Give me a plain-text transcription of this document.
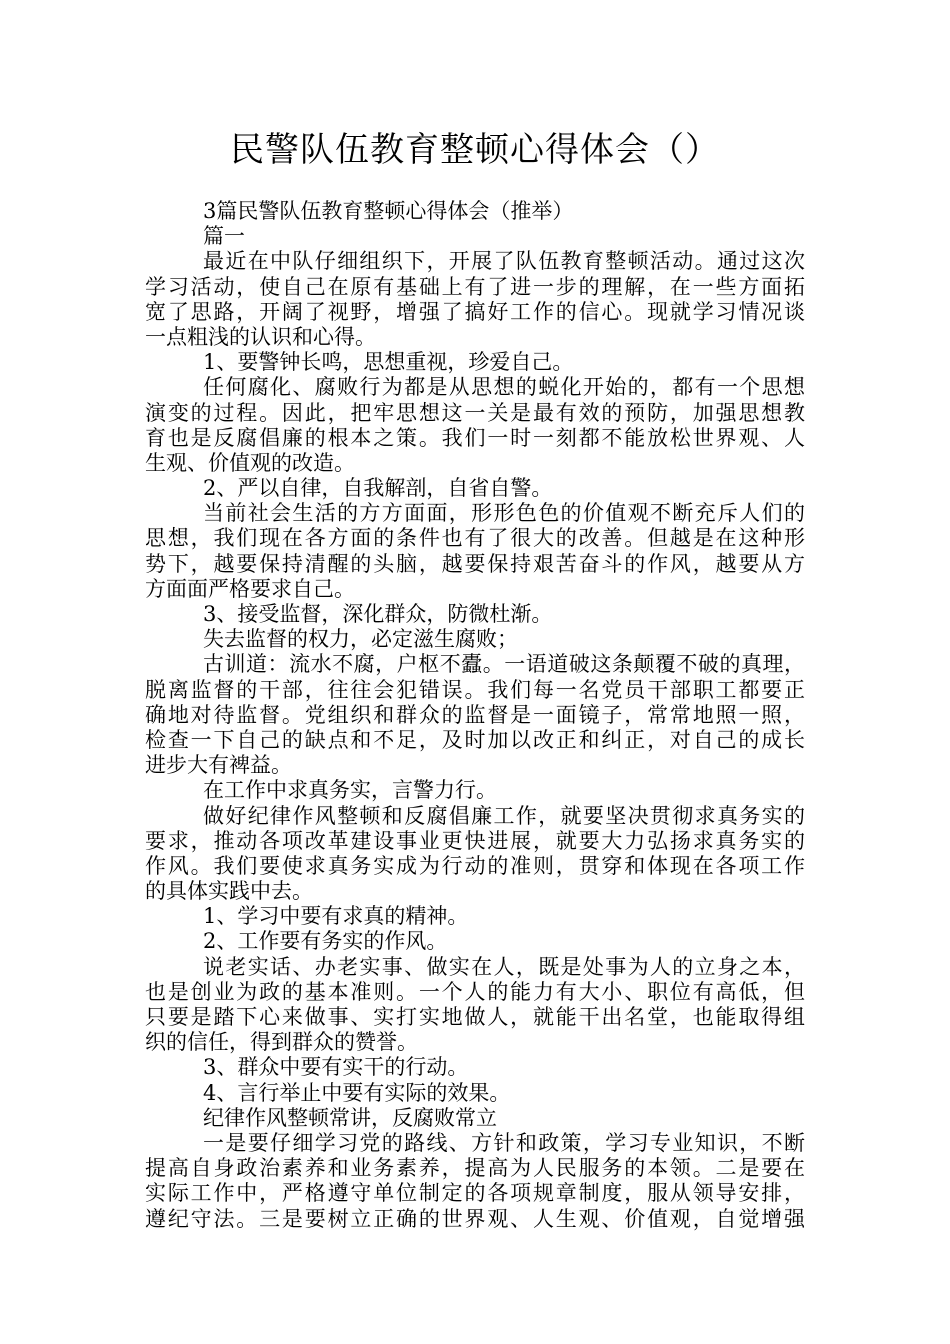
民警队伍教育整顿心得体会（）
3篇民警队伍教育整顿心得体会（推举）
篇一
最近在中队仔细组织下，开展了队伍教育整顿活动。通过这次
学习活动，使自己在原有基础上有了进一步的理解，在一些方面拓
宽了思路，开阔了视野，增强了搞好工作的信心。现就学习情况谈
一点粗浅的认识和心得。
1、要警钟长鸣，思想重视，珍爱自己。
任何腐化、腐败行为都是从思想的蜕化开始的，都有一个思想
演变的过程。因此，把牢思想这一关是最有效的预防，加强思想教
育也是反腐倡廉的根本之策。我们一时一刻都不能放松世界观、人
生观、价值观的改造。
2、严以自律，自我解剖，自省自警。
当前社会生活的方方面面，形形色色的价值观不断充斥人们的
思想，我们现在各方面的条件也有了很大的改善。但越是在这种形
势下，越要保持清醒的头脑，越要保持艰苦奋斗的作风，越要从方
方面面严格要求自己。
3、接受监督，深化群众，防微杜渐。
失去监督的权力，必定滋生腐败；
古训道：流水不腐，户枢不蠹。一语道破这条颠覆不破的真理，
脱离监督的干部，往往会犯错误。我们每一名党员干部职工都要正
确地对待监督。党组织和群众的监督是一面镜子，常常地照一照，
检查一下自己的缺点和不足，及时加以改正和纠正，对自己的成长
进步大有裨益。
在工作中求真务实，言警力行。
做好纪律作风整顿和反腐倡廉工作，就要坚决贯彻求真务实的
要求，推动各项改革建设事业更快进展，就要大力弘扬求真务实的
作风。我们要使求真务实成为行动的准则，贯穿和体现在各项工作
的具体实践中去。
1、学习中要有求真的精神。
2、工作要有务实的作风。
说老实话、办老实事、做实在人，既是处事为人的立身之本，
也是创业为政的基本准则。一个人的能力有大小、职位有高低，但
只要是踏下心来做事、实打实地做人，就能干出名堂，也能取得组
织的信任，得到群众的赞誉。
3、群众中要有实干的行动。
4、言行举止中要有实际的效果。
纪律作风整顿常讲，反腐败常立
一是要仔细学习党的路线、方针和政策，学习专业知识，不断
提高自身政治素养和业务素养，提高为人民服务的本领。二是要在
实际工作中，严格遵守单位制定的各项规章制度，服从领导安排，
遵纪守法。三是要树立正确的世界观、人生观、价值观，自觉增强
